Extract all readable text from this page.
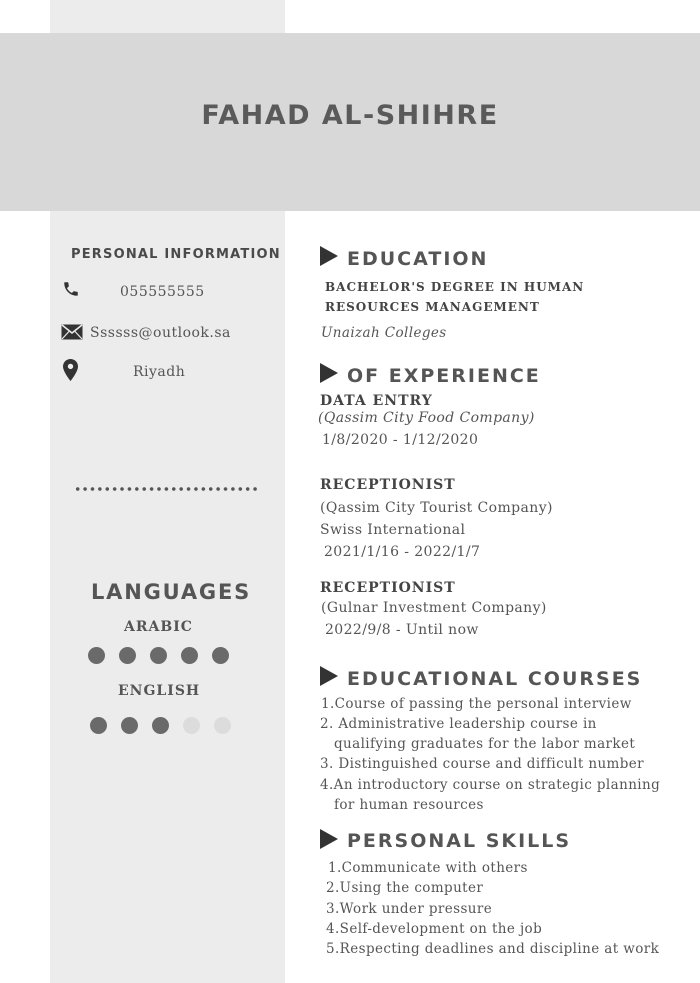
FAHAD AL-SHIHRE
PERSONAL INFORMATION
055555555
Ssssss@outlook.sa
Riyadh
LANGUAGES
ARABIC
ENGLISH
EDUCATION
BACHELOR'S DEGREE IN HUMAN
RESOURCES MANAGEMENT
Unaizah Colleges
OF EXPERIENCE
DATA ENTRY
(Qassim City Food Company)
1/8/2020 - 1/12/2020
RECEPTIONIST
(Qassim City Tourist Company)
Swiss International
2021/1/16 - 2022/1/7
RECEPTIONIST
(Gulnar Investment Company)
2022/9/8 - Until now
EDUCATIONAL COURSES
1.Course of passing the personal interview
2. Administrative leadership course in
qualifying graduates for the labor market
3. Distinguished course and difficult number
4.An introductory course on strategic planning
for human resources
PERSONAL SKILLS
1.Communicate with others
2.Using the computer
3.Work under pressure
4.Self-development on the job
5.Respecting deadlines and discipline at work
